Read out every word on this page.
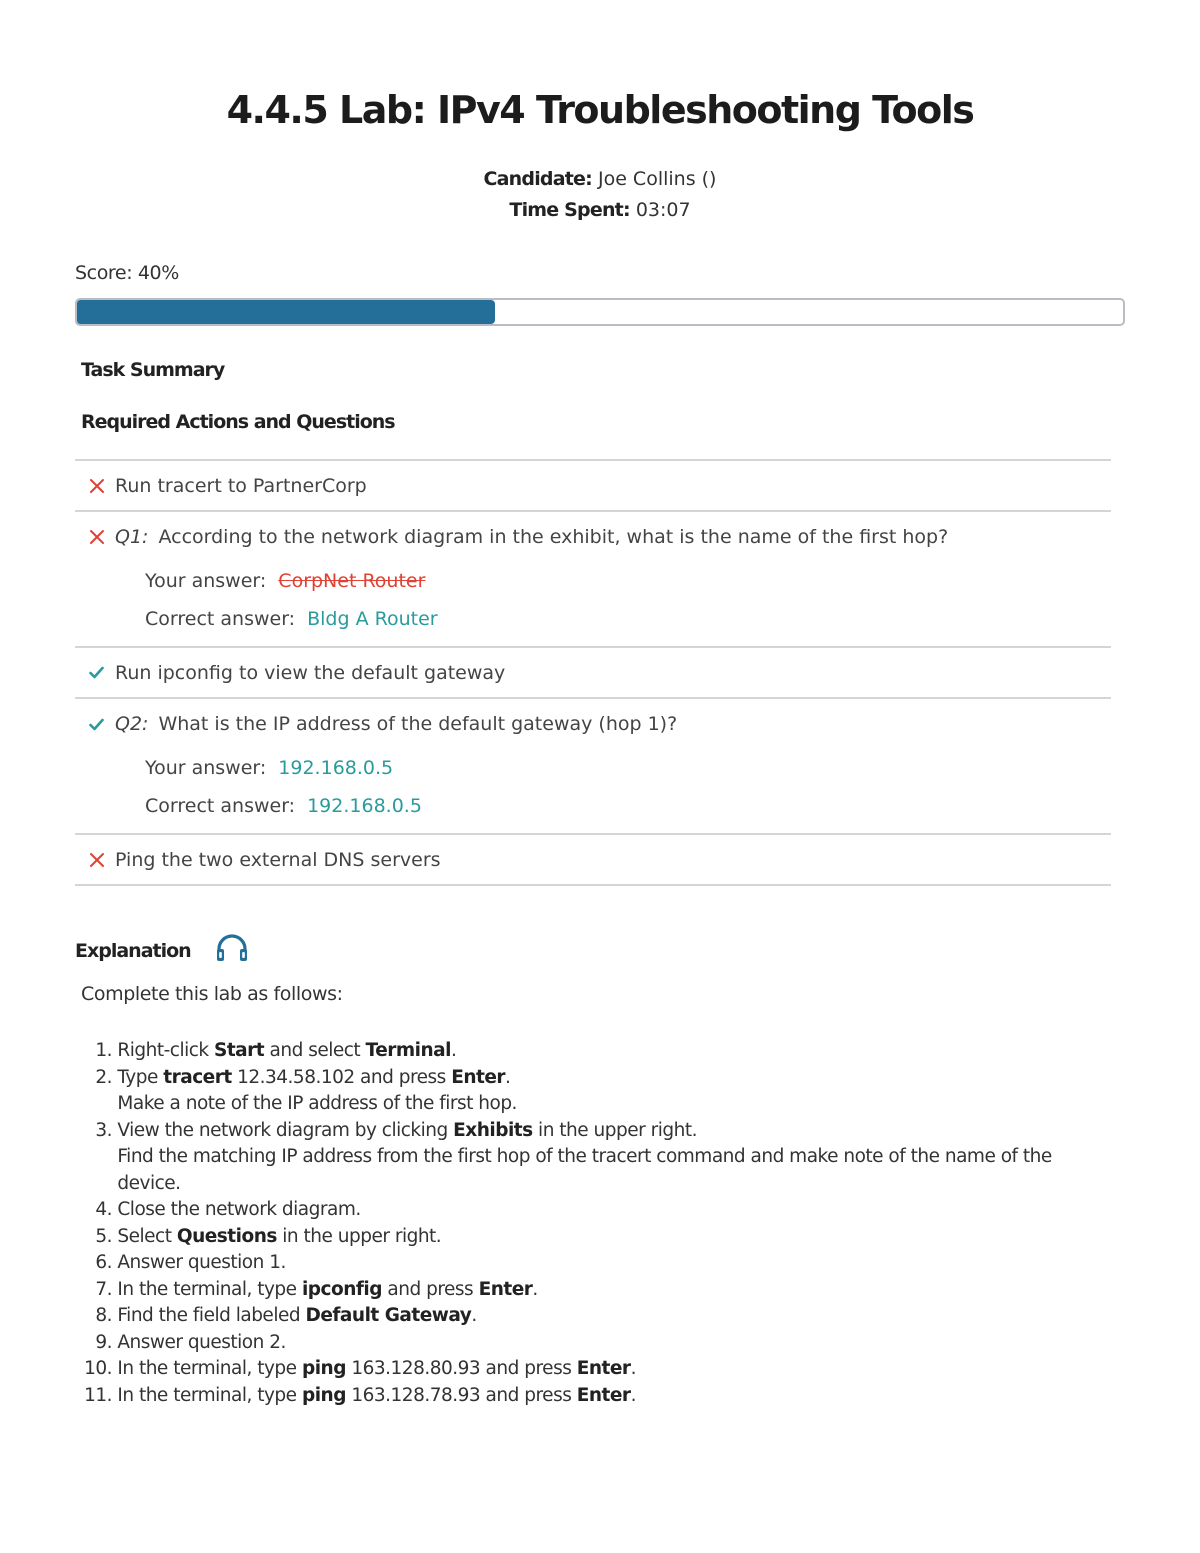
4.4.5 Lab: IPv4 Troubleshooting Tools
Candidate: Joe Collins ()
Time Spent: 03:07
Score: 40%
Task Summary
Required Actions and Questions
Run tracert to PartnerCorp
Q1: According to the network diagram in the exhibit, what is the name of the first hop?
Your answer: CorpNet Router
Correct answer: Bldg A Router
Run ipconfig to view the default gateway
Q2: What is the IP address of the default gateway (hop 1)?
Your answer: 192.168.0.5
Correct answer: 192.168.0.5
Ping the two external DNS servers
Explanation
Complete this lab as follows:
1.
Right-click Start and select Terminal.
2.
Type tracert 12.34.58.102 and press Enter.

Make a note of the IP address of the first hop.
3.
View the network diagram by clicking Exhibits in the upper right.

Find the matching IP address from the first hop of the tracert command and make note of the name of the

device.
4.
Close the network diagram.
5.
Select Questions in the upper right.
6.
Answer question 1.
7.
In the terminal, type ipconfig and press Enter.
8.
Find the field labeled Default Gateway.
9.
Answer question 2.
10.
In the terminal, type ping 163.128.80.93 and press Enter.
11.
In the terminal, type ping 163.128.78.93 and press Enter.
